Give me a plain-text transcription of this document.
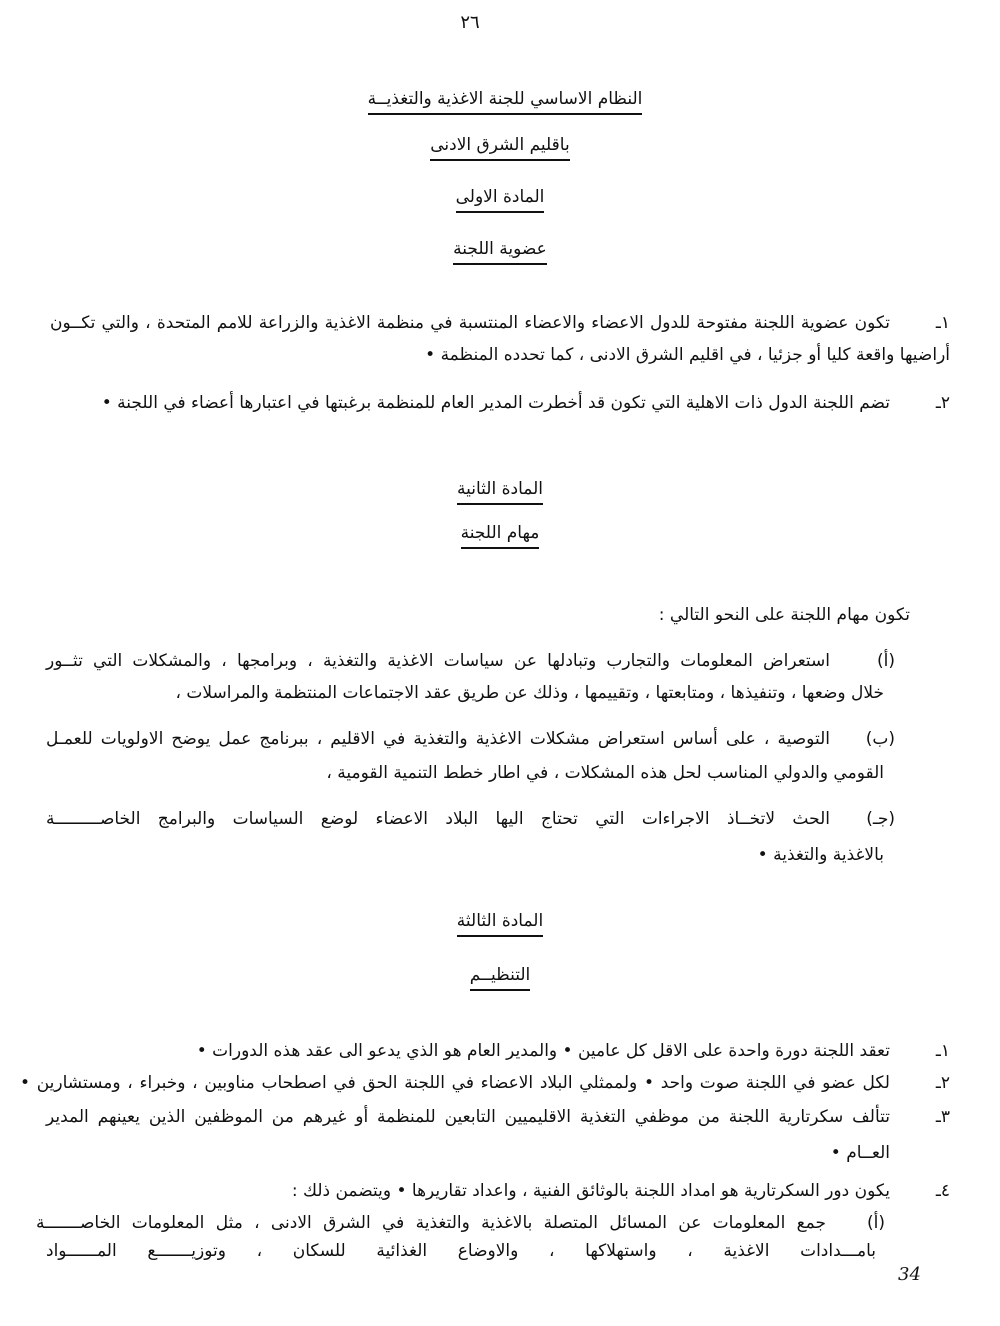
٢٦
النظام الاساسي للجنة الاغذية والتغذيــة
باقليم الشرق الادنى
المادة الاولى
عضوية اللجنة
١ـ
تكون عضوية اللجنة مفتوحة للدول الاعضاء والاعضاء المنتسبة في منظمة الاغذية والزراعة للامم المتحدة ، والتي تكــون
أراضيها واقعة كليا أو جزئيا ، في اقليم الشرق الادنى ، كما تحدده المنظمة •
٢ـ
تضم اللجنة الدول ذات الاهلية التي تكون قد أخطرت المدير العام للمنظمة برغبتها في اعتبارها أعضاء في اللجنة •
المادة الثانية
مهام اللجنة
تكون مهام اللجنة على النحو التالي :
(أ)
استعراض المعلومات والتجارب وتبادلها عن سياسات الاغذية والتغذية ، وبرامجها ، والمشكلات التي تثــور
خلال وضعها ، وتنفيذها ، ومتابعتها ، وتقييمها ، وذلك عن طريق عقد الاجتماعات المنتظمة والمراسلات ،
(ب)
التوصية ، على أساس استعراض مشكلات الاغذية والتغذية في الاقليم ، ببرنامج عمل يوضح الاولويات للعمـل
القومي والدولي المناسب لحل هذه المشكلات ، في اطار خطط التنمية القومية ،
(جـ)
الحث لاتخــاذ الاجراءات التي تحتاج اليها البلاد الاعضاء لوضع السياسات والبرامج الخاصـــــــــة
بالاغذية والتغذية •
المادة الثالثة
التنظيــم
١ـ
تعقد اللجنة دورة واحدة على الاقل كل عامين • والمدير العام هو الذي يدعو الى عقد هذه الدورات •
٢ـ
لكل عضو في اللجنة صوت واحد • ولممثلي البلاد الاعضاء في اللجنة الحق في اصطحاب مناوبين ، وخبراء ، ومستشارين •
٣ـ
تتألف سكرتارية اللجنة من موظفي التغذية الاقليميين التابعين للمنظمة أو غيرهم من الموظفين الذين يعينهم المدير
العــام •
٤ـ
يكون دور السكرتارية هو امداد اللجنة بالوثائق الفنية ، واعداد تقاريرها • ويتضمن ذلك :
(أ)
جمع المعلومات عن المسائل المتصلة بالاغذية والتغذية في الشرق الادنى ، مثل المعلومات الخاصـــــــة
بامـــدادات الاغذية ، واستهلاكها ، والاوضاع الغذائية للسكان ، وتوزيـــــــع المــــــواد
34
